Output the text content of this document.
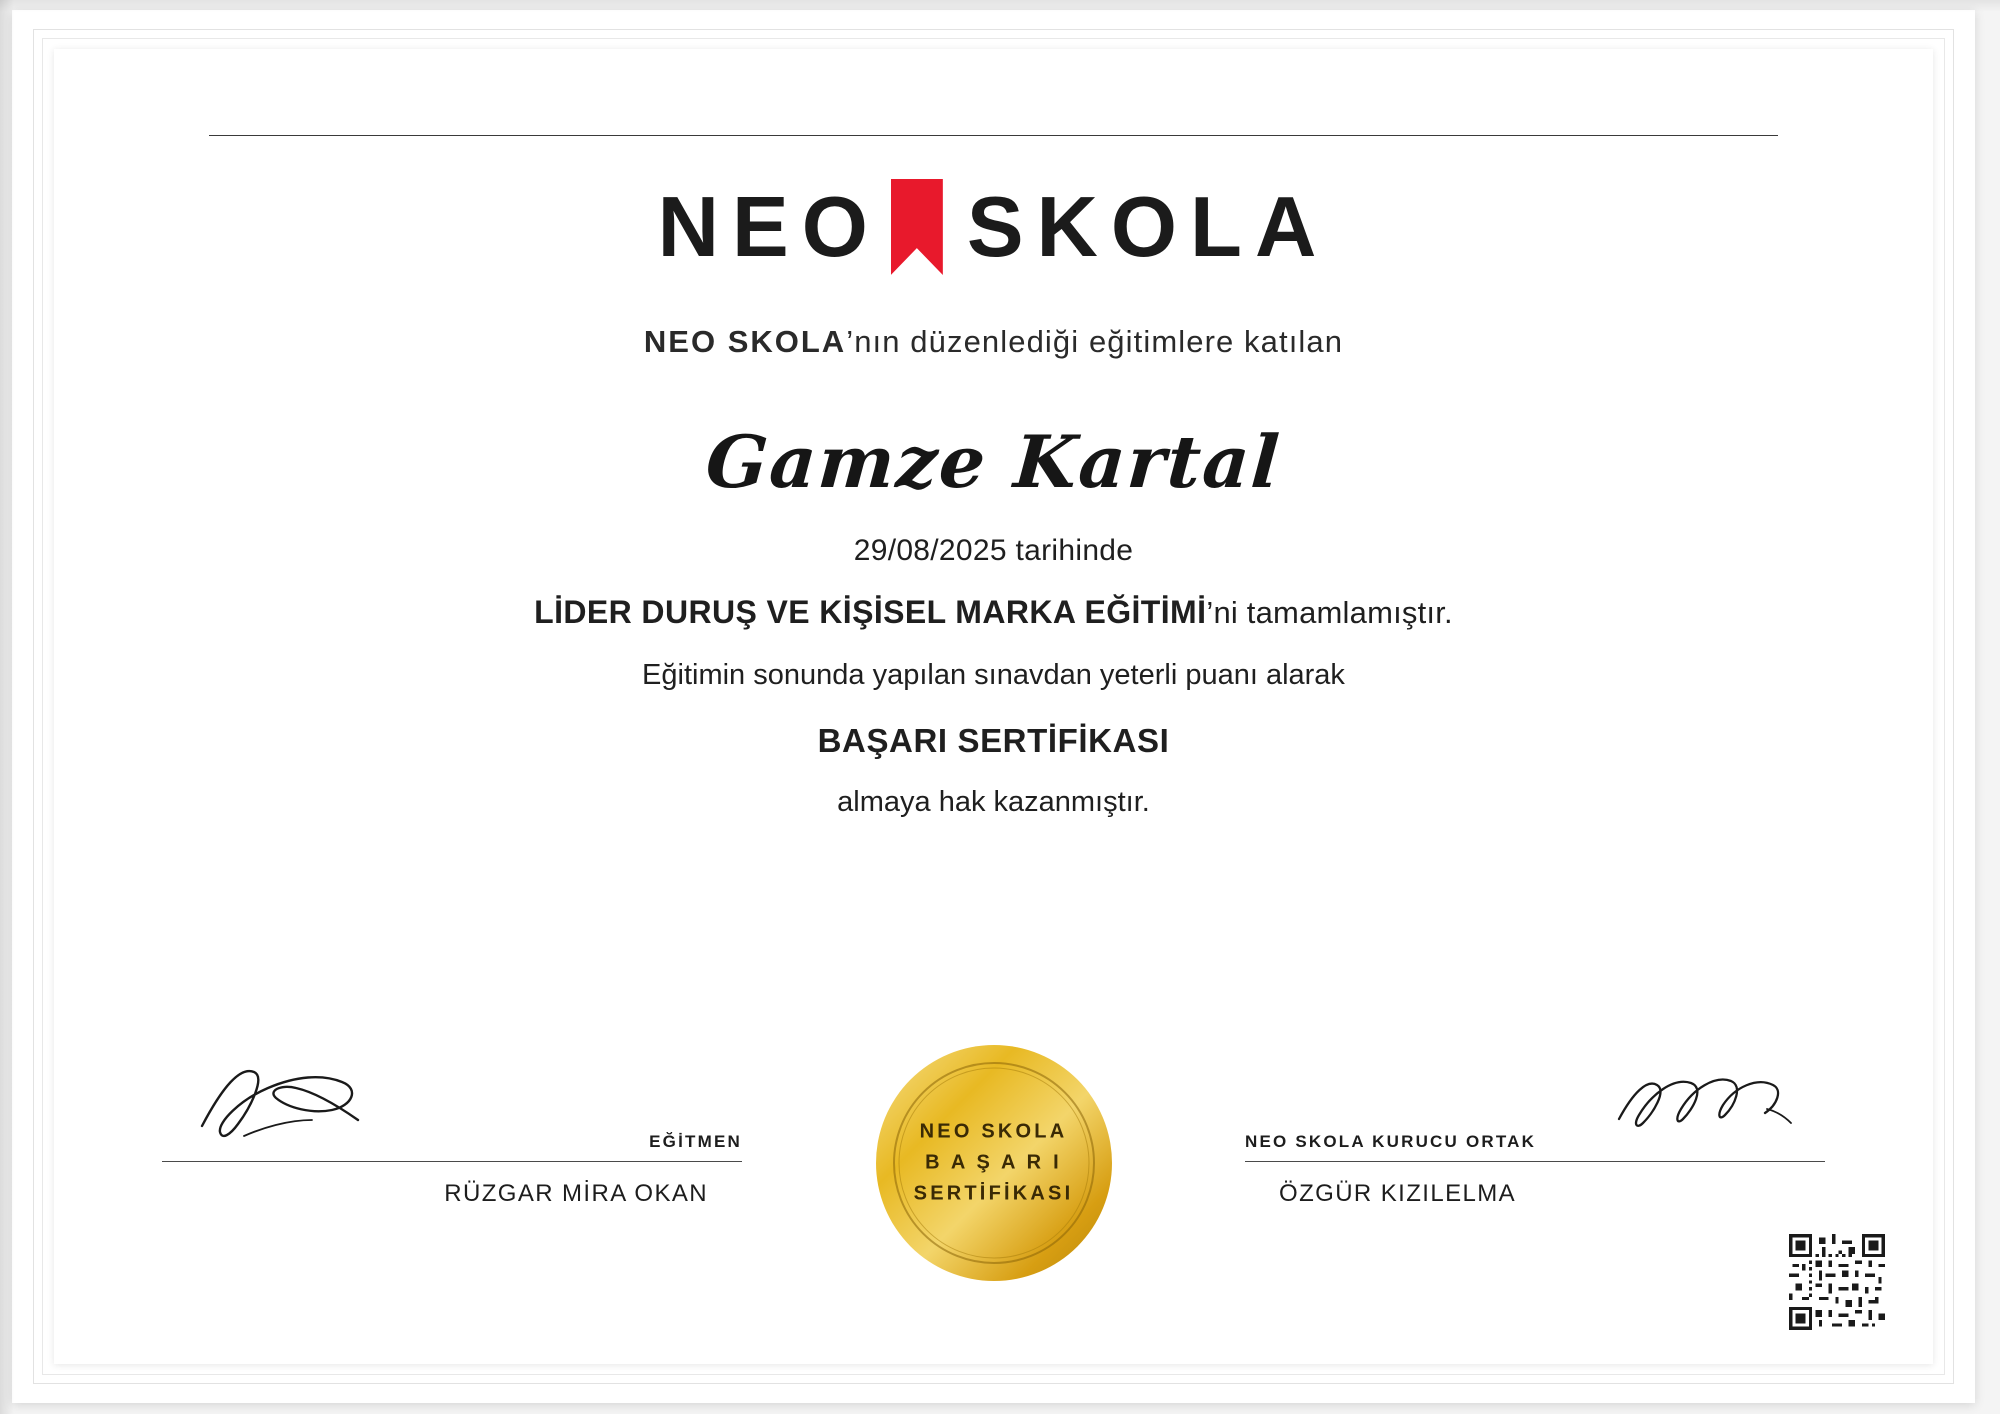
NEO SKOLA
NEO SKOLA’nın düzenlediği eğitimlere katılan
Gamze Kartal
29/08/2025 tarihinde
LİDER DURUŞ VE KİŞİSEL MARKA EĞİTİMİ’ni tamamlamıştır.
Eğitimin sonunda yapılan sınavdan yeterli puanı alarak
BAŞARI SERTİFİKASI
almaya hak kazanmıştır.
EĞİTMEN
RÜZGAR MİRA OKAN
NEO SKOLA KURUCU ORTAK
ÖZGÜR KIZILELMA
NEO SKOLA
B A Ş A R I
SERTİFİKASI
